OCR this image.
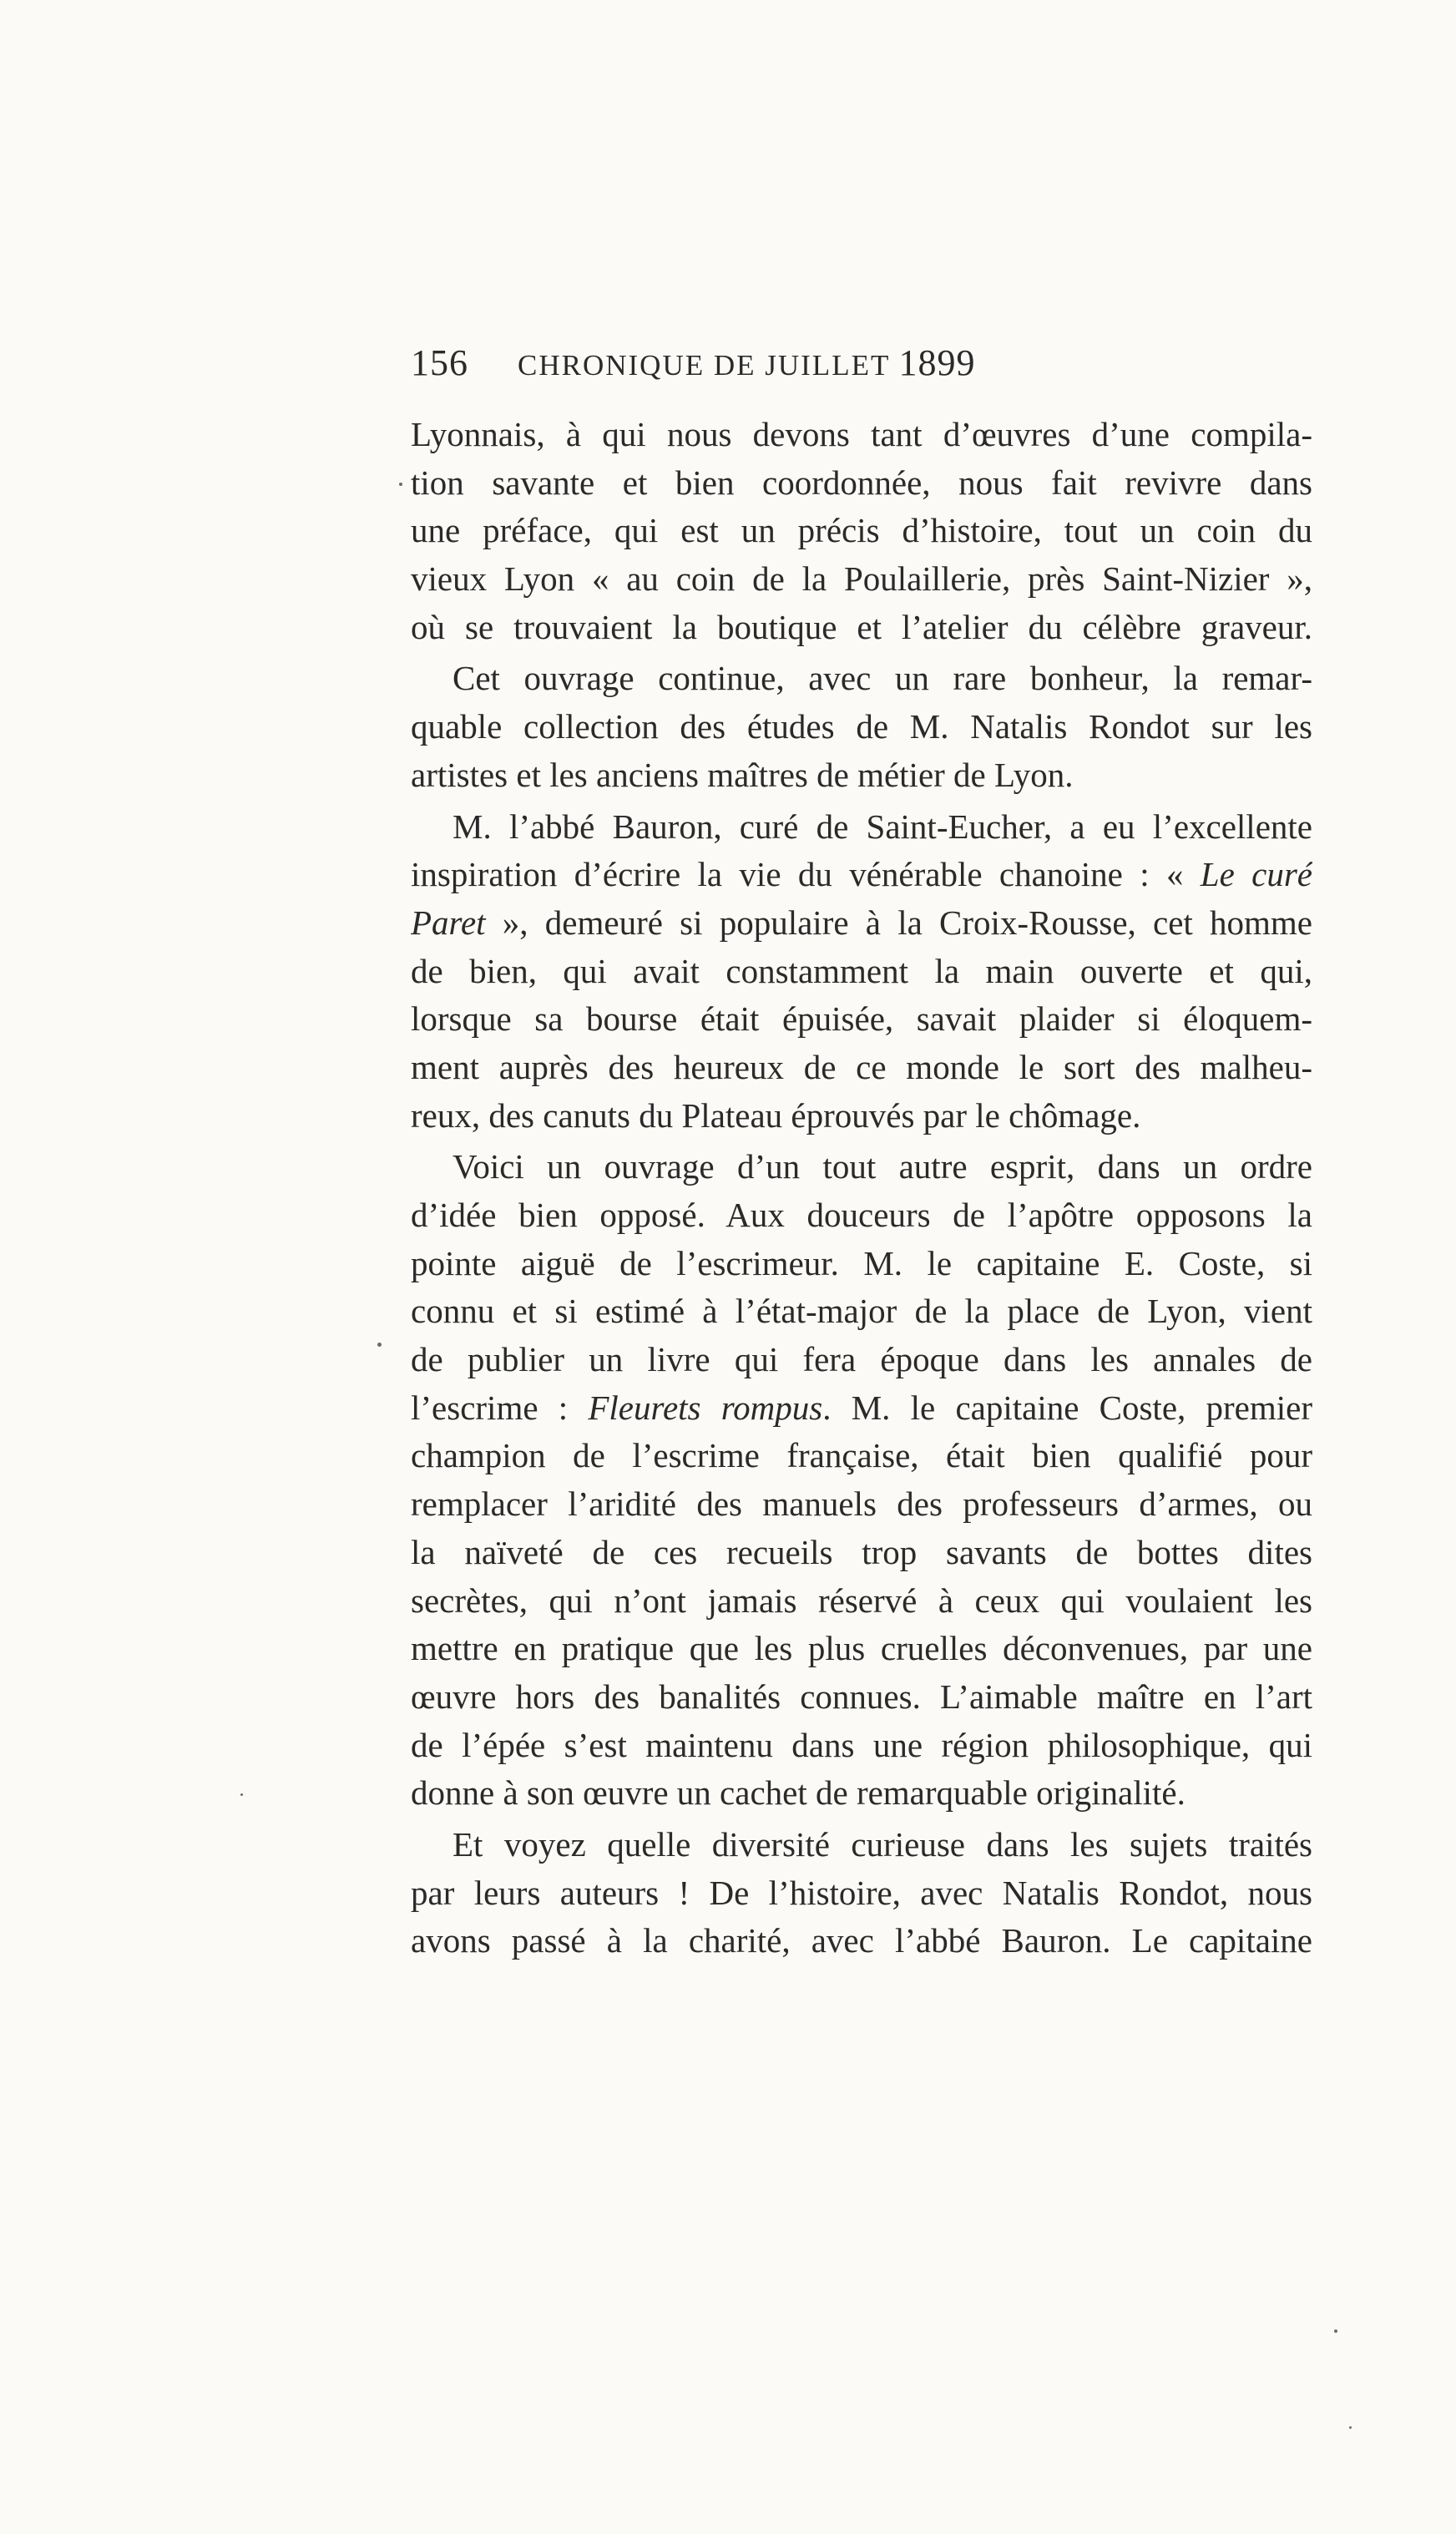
156 CHRONIQUE DE JUILLET 1899
Lyonnais, à qui nous devons tant d’œuvres d’une compila-
tion savante et bien coordonnée, nous fait revivre dans
une préface, qui est un précis d’histoire, tout un coin du
vieux Lyon « au coin de la Poulaillerie, près Saint-Nizier »,
où se trouvaient la boutique et l’atelier du célèbre graveur.
Cet ouvrage continue, avec un rare bonheur, la remar-
quable collection des études de M. Natalis Rondot sur les
artistes et les anciens maîtres de métier de Lyon.
M. l’abbé Bauron, curé de Saint-Eucher, a eu l’excellente
inspiration d’écrire la vie du vénérable chanoine : « Le curé
Paret », demeuré si populaire à la Croix-Rousse, cet homme
de bien, qui avait constamment la main ouverte et qui,
lorsque sa bourse était épuisée, savait plaider si éloquem-
ment auprès des heureux de ce monde le sort des malheu-
reux, des canuts du Plateau éprouvés par le chômage.
Voici un ouvrage d’un tout autre esprit, dans un ordre
d’idée bien opposé. Aux douceurs de l’apôtre opposons la
pointe aiguë de l’escrimeur. M. le capitaine E. Coste, si
connu et si estimé à l’état-major de la place de Lyon, vient
de publier un livre qui fera époque dans les annales de
l’escrime : Fleurets rompus. M. le capitaine Coste, premier
champion de l’escrime française, était bien qualifié pour
remplacer l’aridité des manuels des professeurs d’armes, ou
la naïveté de ces recueils trop savants de bottes dites
secrètes, qui n’ont jamais réservé à ceux qui voulaient les
mettre en pratique que les plus cruelles déconvenues, par une
œuvre hors des banalités connues. L’aimable maître en l’art
de l’épée s’est maintenu dans une région philosophique, qui
donne à son œuvre un cachet de remarquable originalité.
Et voyez quelle diversité curieuse dans les sujets traités
par leurs auteurs ! De l’histoire, avec Natalis Rondot, nous
avons passé à la charité, avec l’abbé Bauron. Le capitaine
